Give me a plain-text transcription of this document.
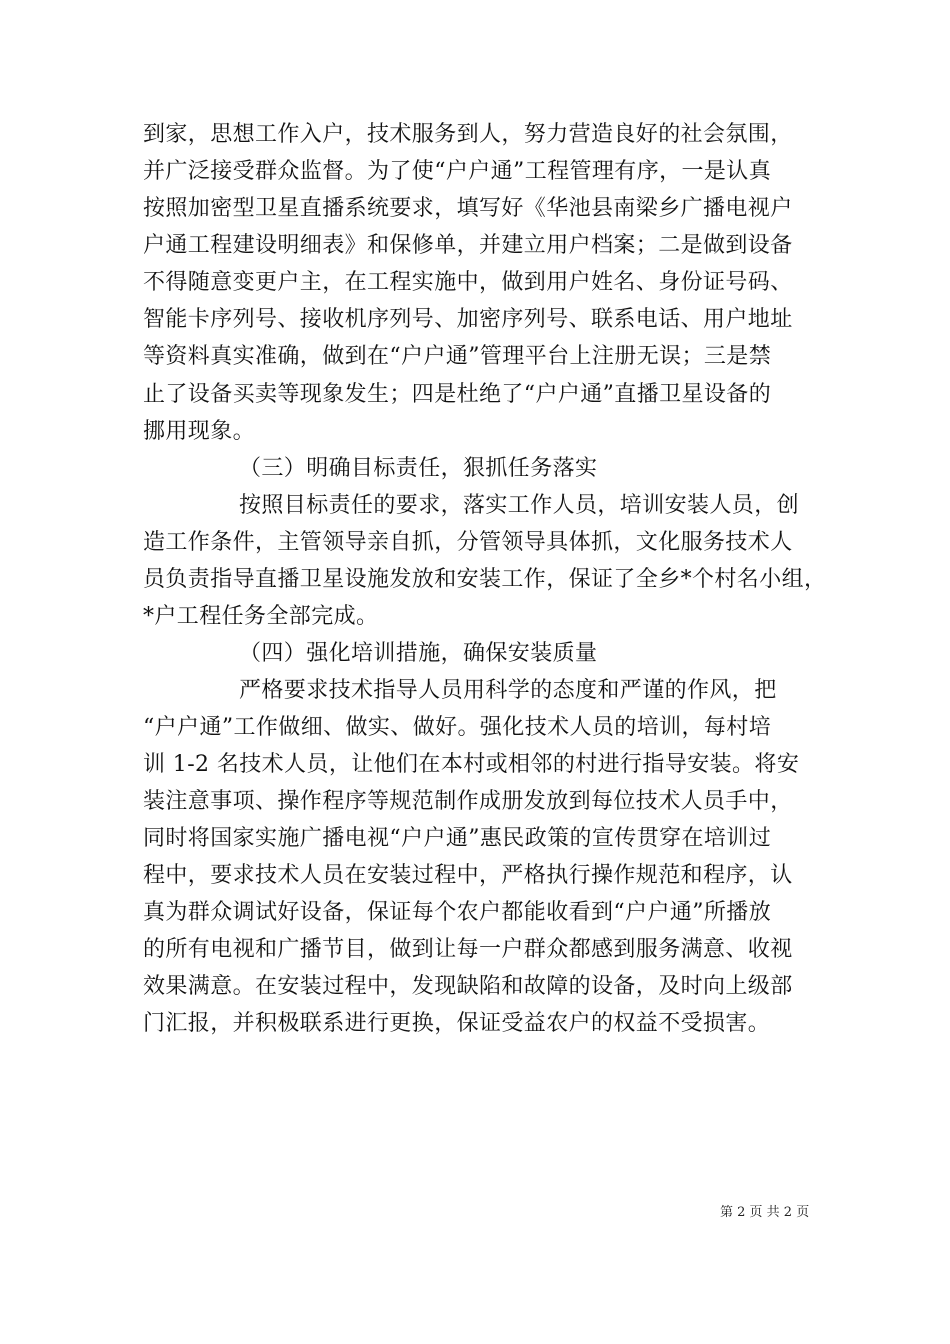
到家，思想工作入户，技术服务到人，努力营造良好的社会氛围，
并广泛接受群众监督。为了使“户户通”工程管理有序，一是认真
按照加密型卫星直播系统要求，填写好《华池县南梁乡广播电视户
户通工程建设明细表》和保修单，并建立用户档案；二是做到设备
不得随意变更户主，在工程实施中，做到用户姓名、身份证号码、
智能卡序列号、接收机序列号、加密序列号、联系电话、用户地址
等资料真实准确，做到在“户户通”管理平台上注册无误；三是禁
止了设备买卖等现象发生；四是杜绝了“户户通”直播卫星设备的
挪用现象。
（三）明确目标责任，狠抓任务落实
按照目标责任的要求，落实工作人员，培训安装人员，创
造工作条件，主管领导亲自抓，分管领导具体抓，文化服务技术人
员负责指导直播卫星设施发放和安装工作，保证了全乡*个村名小组，
*户工程任务全部完成。
（四）强化培训措施，确保安装质量
严格要求技术指导人员用科学的态度和严谨的作风，把
“户户通”工作做细、做实、做好。强化技术人员的培训，每村培
训 1-2 名技术人员，让他们在本村或相邻的村进行指导安装。将安
装注意事项、操作程序等规范制作成册发放到每位技术人员手中，
同时将国家实施广播电视“户户通”惠民政策的宣传贯穿在培训过
程中，要求技术人员在安装过程中，严格执行操作规范和程序，认
真为群众调试好设备，保证每个农户都能收看到“户户通”所播放
的所有电视和广播节目，做到让每一户群众都感到服务满意、收视
效果满意。在安装过程中，发现缺陷和故障的设备，及时向上级部
门汇报，并积极联系进行更换，保证受益农户的权益不受损害。
第 2 页 共 2 页
